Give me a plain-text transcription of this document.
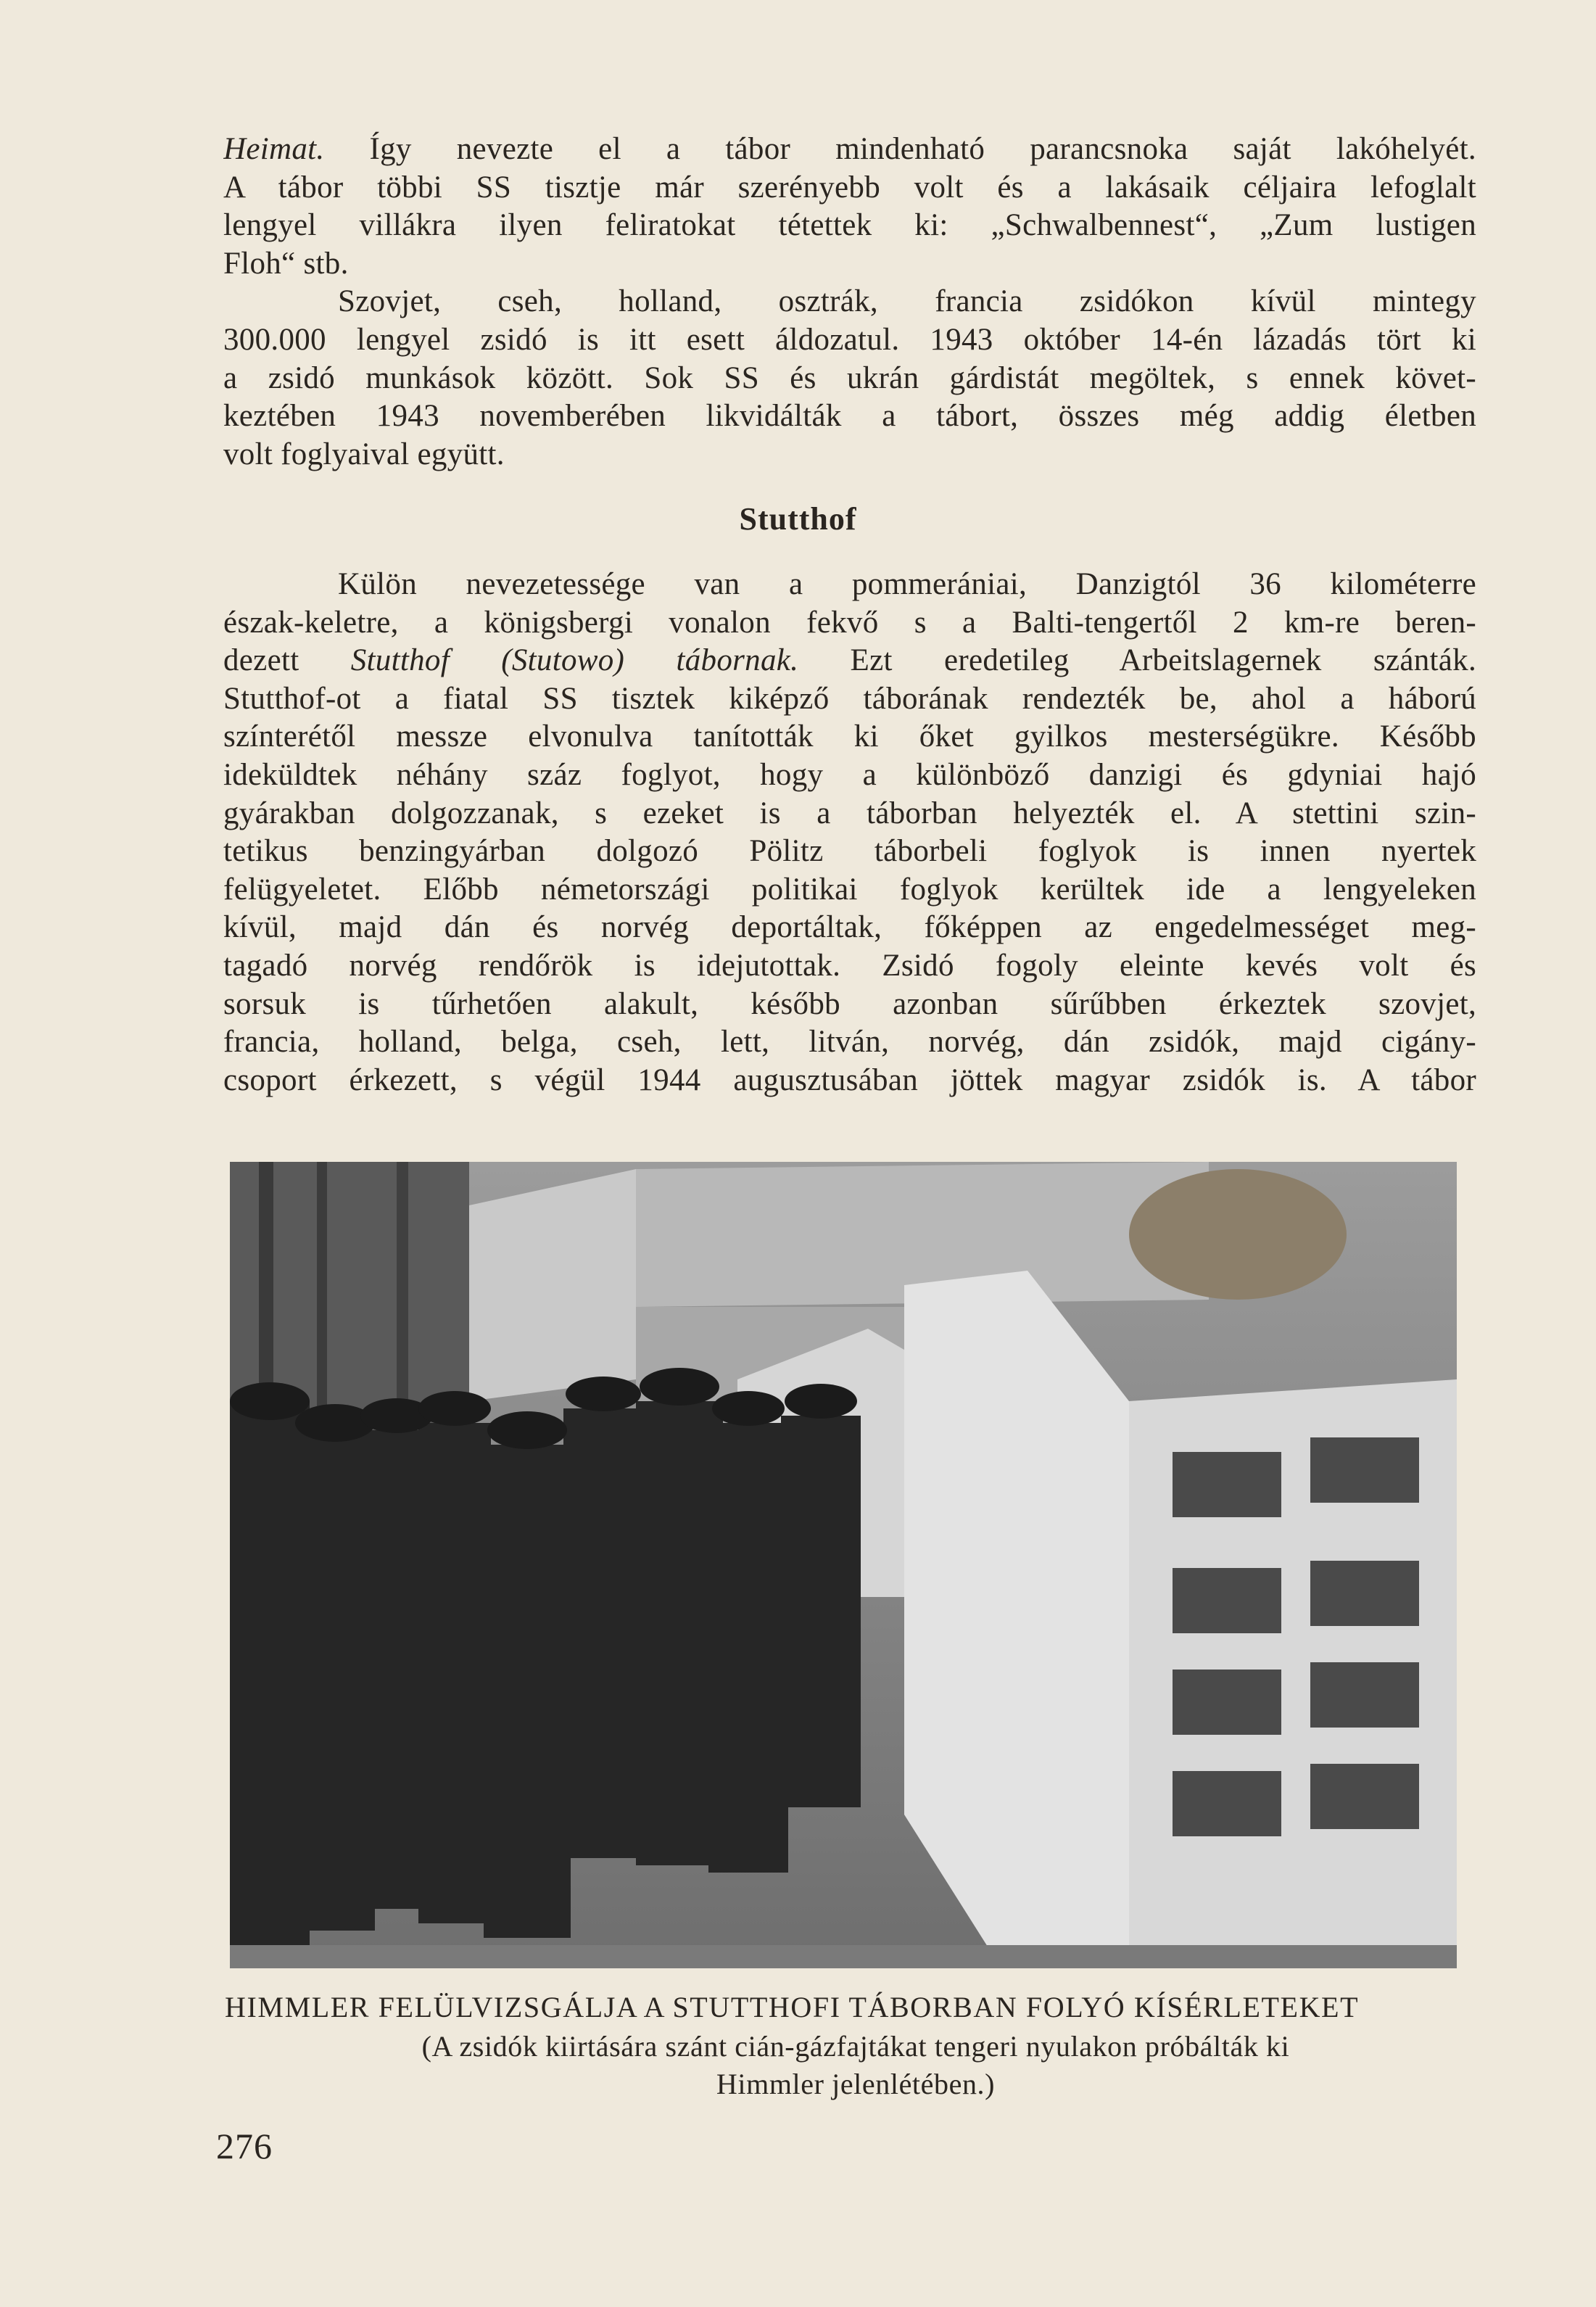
Heimat. Így nevezte el a tábor mindenható parancsnoka saját lakóhelyét.
A tábor többi SS tisztje már szerényebb volt és a lakásaik céljaira lefoglalt
lengyel villákra ilyen feliratokat tétettek ki: „Schwalbennest“, „Zum lustigen
Floh“ stb.
Szovjet, cseh, holland, osztrák, francia zsidókon kívül mintegy
300.000 lengyel zsidó is itt esett áldozatul. 1943 október 14-én lázadás tört ki
a zsidó munkások között. Sok SS és ukrán gárdistát megöltek, s ennek követ-
keztében 1943 novemberében likvidálták a tábort, összes még addig életben
volt foglyaival együtt.
Stutthof
Külön nevezetessége van a pommerániai, Danzigtól 36 kilométerre
észak-keletre, a königsbergi vonalon fekvő s a Balti-tengertől 2 km-re beren-
dezett Stutthof (Stutowo) tábornak. Ezt eredetileg Arbeitslagernek szánták.
Stutthof-ot a fiatal SS tisztek kiképző táborának rendezték be, ahol a háború
színterétől messze elvonulva tanították ki őket gyilkos mesterségükre. Később
ideküldtek néhány száz foglyot, hogy a különböző danzigi és gdyniai hajó
gyárakban dolgozzanak, s ezeket is a táborban helyezték el. A stettini szin-
tetikus benzingyárban dolgozó Pölitz táborbeli foglyok is innen nyertek
felügyeletet. Előbb németországi politikai foglyok kerültek ide a lengyeleken
kívül, majd dán és norvég deportáltak, főképpen az engedelmességet meg-
tagadó norvég rendőrök is idejutottak. Zsidó fogoly eleinte kevés volt és
sorsuk is tűrhetően alakult, később azonban sűrűbben érkeztek szovjet,
francia, holland, belga, cseh, lett, litván, norvég, dán zsidók, majd cigány-
csoport érkezett, s végül 1944 augusztusában jöttek magyar zsidók is. A tábor
HIMMLER FELÜLVIZSGÁLJA A STUTTHOFI TÁBORBAN FOLYÓ KÍSÉRLETEKET
(A zsidók kiirtására szánt cián-gázfajtákat tengeri nyulakon próbálták ki
Himmler jelenlétében.)
276
